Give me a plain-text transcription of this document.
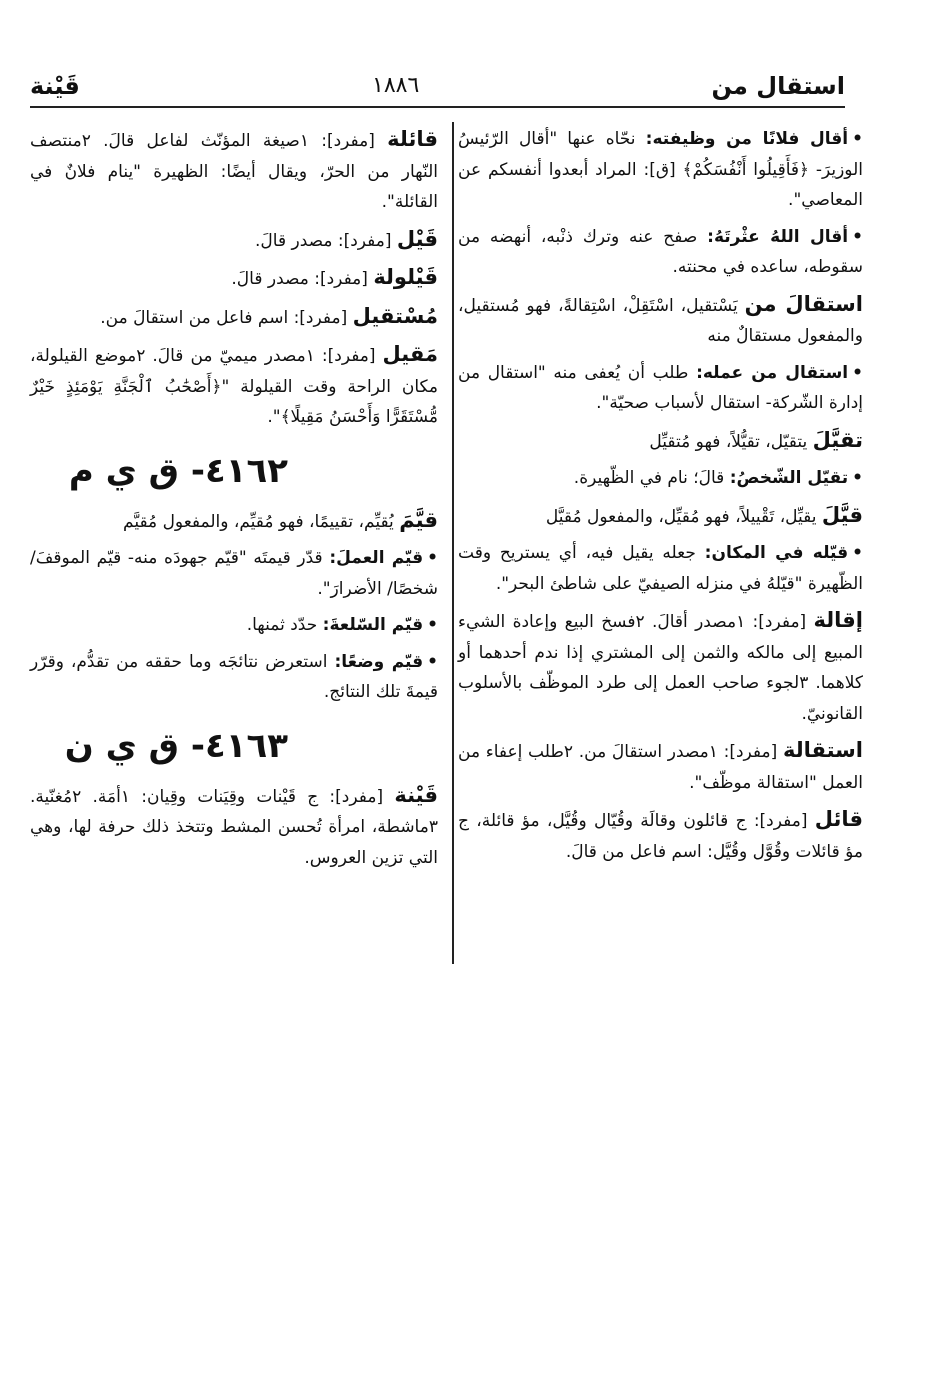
استقال من
١٨٨٦
قَيْنة

•أقال فلانًا من وظيفته: نحّاه عنها "أقال الرّئيسُ الوزيرَ- ﴿فَأَقِيلُوا أَنْفُسَكُمْ﴾ [ق]: المراد أبعدوا أنفسكم عن المعاصي".

•أقال اللهُ عثْرتَهُ: صفح عنه وترك ذنْبه، أنهضه من سقوطه، ساعده في محنته.

استقالَ من يَسْتقيل، اسْتَقِلْ، اسْتِقالةً، فهو مُستقيل، والمفعول مستقالٌ منه

•استقال من عمله: طلب أن يُعفى منه "استقال من إدارة الشّركة- استقال لأسباب صحيّة".

تقيَّلَ يتقيّل، تقيُّلاً، فهو مُتقيِّل

•تقيّل الشّخصُ: قالَ؛ نام في الظّهيرة.

قيَّلَ يقيِّل، تَقْييلاً، فهو مُقيِّل، والمفعول مُقيَّل

•قيّله في المكان: جعله يقيل فيه، أي يستريح وقت الظّهيرة "قيّلهُ في منزله الصيفيّ على شاطئ البحر".

إقالة [مفرد]: ١مصدر أقالَ. ٢فسخ البيع وإعادة الشيء المبيع إلى مالكه والثمن إلى المشتري إذا ندم أحدهما أو كلاهما. ٣لجوء صاحب العمل إلى طرد الموظّف بالأسلوب القانونيّ.

استقالة [مفرد]: ١مصدر استقالَ من. ٢طلب إعفاء من العمل "استقالة موظّف".

قائل [مفرد]: ج قائلون وقالَة وقُيّال وقُيَّل، مؤ قائلة، ج مؤ قائلات وقُوَّل وقُيَّل: اسم فاعل من قالَ.

قائلة [مفرد]: ١صيغة المؤنّث لفاعل قالَ. ٢منتصف النّهار من الحرّ، ويقال أيضًا: الظهيرة "ينام فلانٌ في القائلة".

قَيْل [مفرد]: مصدر قالَ.

قَيْلولة [مفرد]: مصدر قالَ.

مُسْتقيل [مفرد]: اسم فاعل من استقالَ من.

مَقيل [مفرد]: ١مصدر ميميّ من قالَ. ٢موضع القيلولة، مكان الراحة وقت القيلولة "﴿أَصْحَٰبُ ٱلْجَنَّةِ يَوْمَئِذٍ خَيْرٌ مُّسْتَقَرًّا وَأَحْسَنُ مَقِيلًا﴾".

٤١٦٢- ق ي م

قيَّمَ يُقيِّم، تقييمًا، فهو مُقيِّم، والمفعول مُقيَّم

•قيّم العملَ: قدّر قيمتَه "قيّم جهودَه منه- قيّم الموقفَ/ شخصًا/ الأضرارَ".

•قيّم السّلعةَ: حدّد ثمنها.

•قيّم وضعًا: استعرض نتائجَه وما حققه من تقدُّم، وقرّر قيمةَ تلك النتائج.

٤١٦٣- ق ي ن

قَيْنة [مفرد]: ج قَيْنات وقِيَنات وقِيان: ١أمَة. ٢مُغنّية. ٣ماشطة، امرأة تُحسن المشط وتتخذ ذلك حرفة لها، وهي التي تزين العروس.
